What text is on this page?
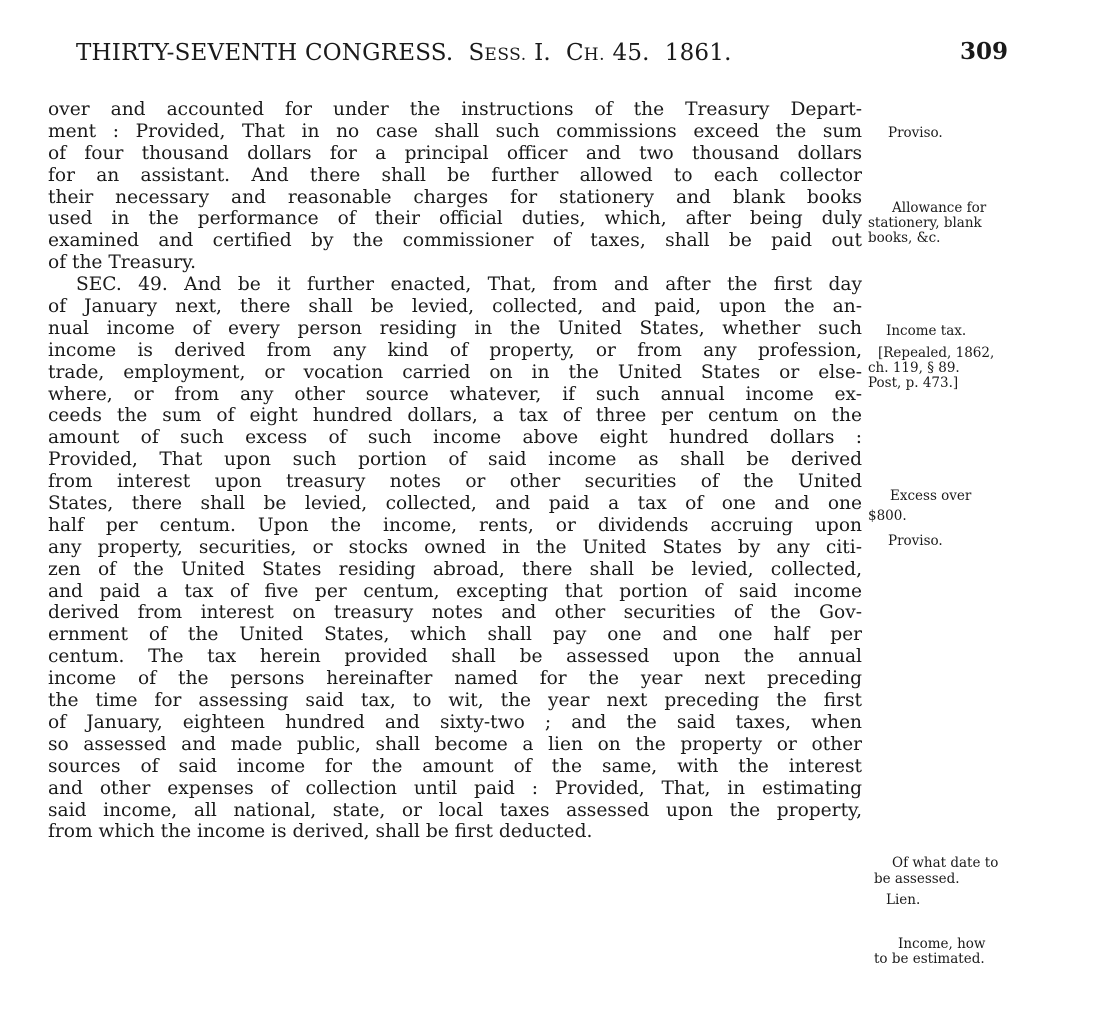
THIRTY-SEVENTH CONGRESS. SESS. I. CH. 45. 1861.	309
over and accounted for under the instructions of the Treasury Depart-
ment : Provided, That in no case shall such commissions exceed the sum
of four thousand dollars for a principal officer and two thousand dollars
for an assistant. And there shall be further allowed to each collector
their necessary and reasonable charges for stationery and blank books
used in the performance of their official duties, which, after being duly
examined and certified by the commissioner of taxes, shall be paid out
of the Treasury.
SEC. 49. And be it further enacted, That, from and after the first day
of January next, there shall be levied, collected, and paid, upon the an-
nual income of every person residing in the United States, whether such
income is derived from any kind of property, or from any profession,
trade, employment, or vocation carried on in the United States or else-
where, or from any other source whatever, if such annual income ex-
ceeds the sum of eight hundred dollars, a tax of three per centum on the
amount of such excess of such income above eight hundred dollars :
Provided, That upon such portion of said income as shall be derived
from interest upon treasury notes or other securities of the United
States, there shall be levied, collected, and paid a tax of one and one
half per centum. Upon the income, rents, or dividends accruing upon
any property, securities, or stocks owned in the United States by any citi-
zen of the United States residing abroad, there shall be levied, collected,
and paid a tax of five per centum, excepting that portion of said income
derived from interest on treasury notes and other securities of the Gov-
ernment of the United States, which shall pay one and one half per
centum. The tax herein provided shall be assessed upon the annual
income of the persons hereinafter named for the year next preceding
the time for assessing said tax, to wit, the year next preceding the first
of January, eighteen hundred and sixty-two ; and the said taxes, when
so assessed and made public, shall become a lien on the property or other
sources of said income for the amount of the same, with the interest
and other expenses of collection until paid : Provided, That, in estimating
said income, all national, state, or local taxes assessed upon the property,
from which the income is derived, shall be first deducted.
Proviso.
Allowance for
stationery, blank
books, &c.
Income tax.
[Repealed, 1862,
ch. 119, § 89.
Post, p. 473.]
Excess over
$800.
Proviso.
Of what date to
be assessed.
Lien.
Income, how
to be estimated.
